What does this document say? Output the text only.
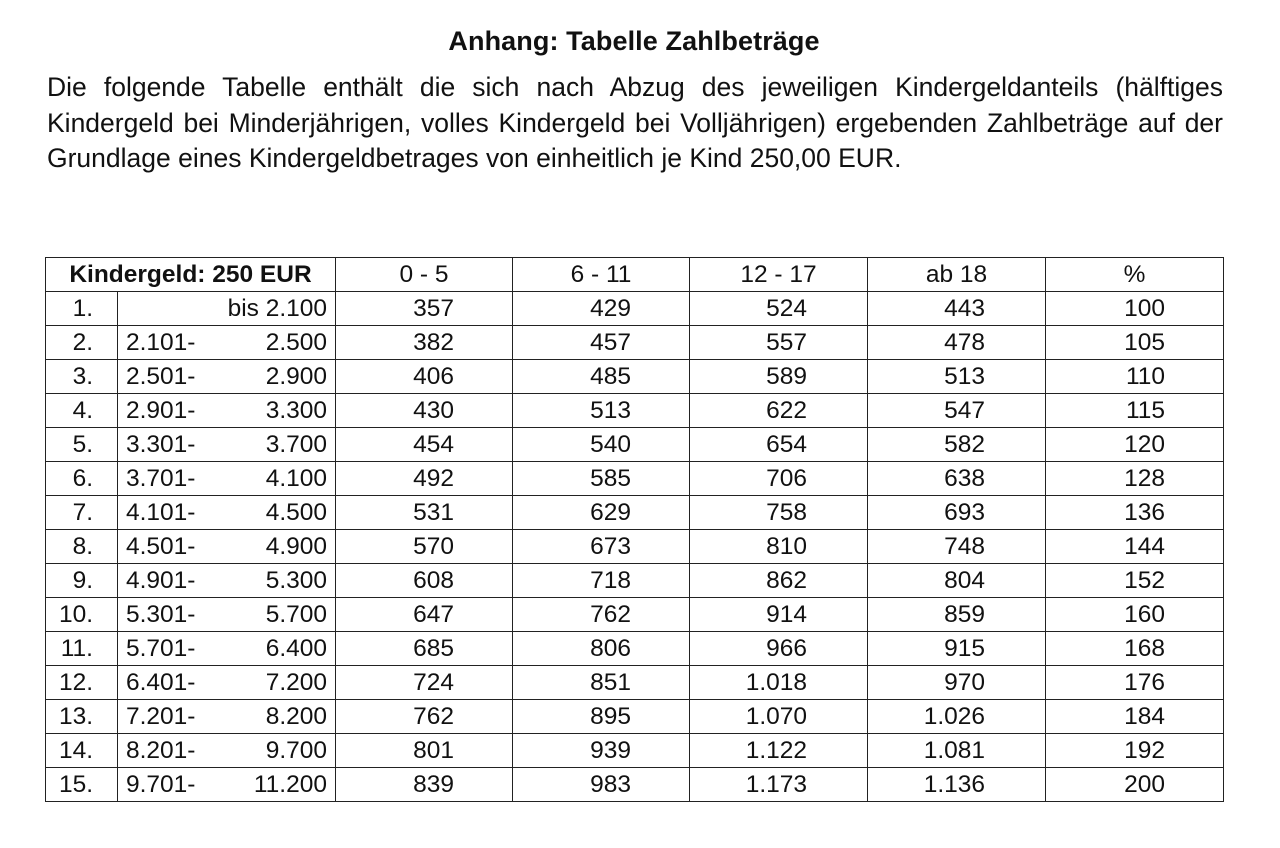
Anhang: Tabelle Zahlbeträge

Die folgende Tabelle enthält die sich nach Abzug des jeweiligen Kindergeldanteils (hälftiges Kindergeld bei Minderjährigen, volles Kindergeld bei Volljährigen) ergebenden Zahlbeträge auf der Grundlage eines Kindergeldbetrages von einheitlich je Kind 250,00 EUR.

Kindergeld: 250 EUR		0 - 5	6 - 11	12 - 17	ab 18	%
1.	bis 2.100	357	429	524	443	100
2.	2.101- 2.500	382	457	557	478	105
3.	2.501- 2.900	406	485	589	513	110
4.	2.901- 3.300	430	513	622	547	115
5.	3.301- 3.700	454	540	654	582	120
6.	3.701- 4.100	492	585	706	638	128
7.	4.101- 4.500	531	629	758	693	136
8.	4.501- 4.900	570	673	810	748	144
9.	4.901- 5.300	608	718	862	804	152
10.	5.301- 5.700	647	762	914	859	160
11.	5.701- 6.400	685	806	966	915	168
12.	6.401- 7.200	724	851	1.018	970	176
13.	7.201- 8.200	762	895	1.070	1.026	184
14.	8.201- 9.700	801	939	1.122	1.081	192
15.	9.701- 11.200	839	983	1.173	1.136	200
